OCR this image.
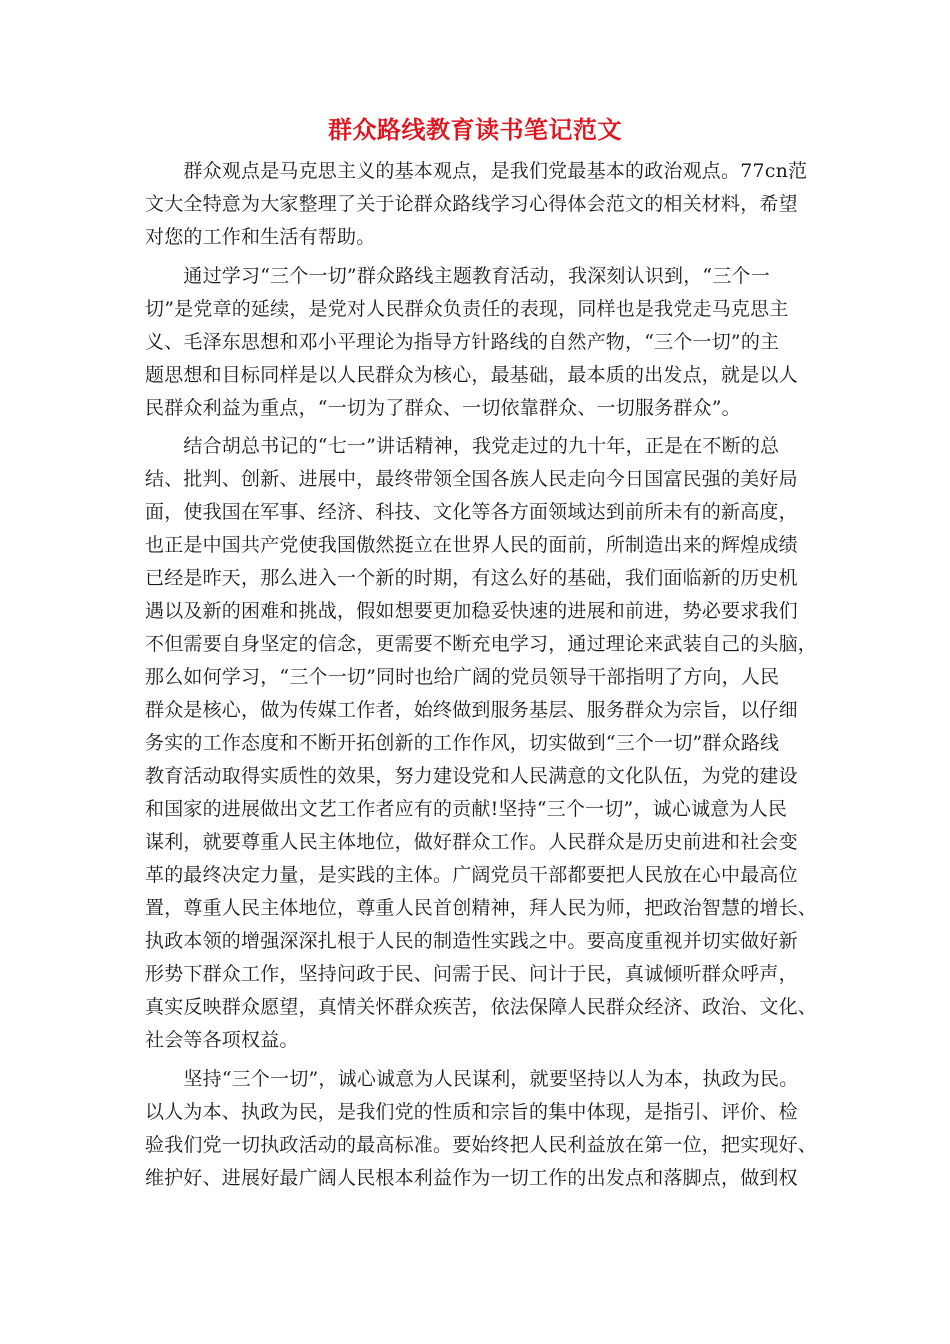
群众路线教育读书笔记范文
　　群众观点是马克思主义的基本观点，是我们党最基本的政治观点。77cn范
文大全特意为大家整理了关于论群众路线学习心得体会范文的相关材料，希望
对您的工作和生活有帮助。
　　通过学习“三个一切”群众路线主题教育活动，我深刻认识到，“三个一
切”是党章的延续，是党对人民群众负责任的表现，同样也是我党走马克思主
义、毛泽东思想和邓小平理论为指导方针路线的自然产物，“三个一切”的主
题思想和目标同样是以人民群众为核心，最基础，最本质的出发点，就是以人
民群众利益为重点，“一切为了群众、一切依靠群众、一切服务群众”。
　　结合胡总书记的“七一”讲话精神，我党走过的九十年，正是在不断的总
结、批判、创新、进展中，最终带领全国各族人民走向今日国富民强的美好局
面，使我国在军事、经济、科技、文化等各方面领域达到前所未有的新高度，
也正是中国共产党使我国傲然挺立在世界人民的面前，所制造出来的辉煌成绩
已经是昨天，那么进入一个新的时期，有这么好的基础，我们面临新的历史机
遇以及新的困难和挑战，假如想要更加稳妥快速的进展和前进，势必要求我们
不但需要自身坚定的信念，更需要不断充电学习，通过理论来武装自己的头脑，
那么如何学习，“三个一切”同时也给广阔的党员领导干部指明了方向，人民
群众是核心，做为传媒工作者，始终做到服务基层、服务群众为宗旨，以仔细
务实的工作态度和不断开拓创新的工作作风，切实做到“三个一切”群众路线
教育活动取得实质性的效果，努力建设党和人民满意的文化队伍，为党的建设
和国家的进展做出文艺工作者应有的贡献!坚持“三个一切”，诚心诚意为人民
谋利，就要尊重人民主体地位，做好群众工作。人民群众是历史前进和社会变
革的最终决定力量，是实践的主体。广阔党员干部都要把人民放在心中最高位
置，尊重人民主体地位，尊重人民首创精神，拜人民为师，把政治智慧的增长、
执政本领的增强深深扎根于人民的制造性实践之中。要高度重视并切实做好新
形势下群众工作，坚持问政于民、问需于民、问计于民，真诚倾听群众呼声，
真实反映群众愿望，真情关怀群众疾苦，依法保障人民群众经济、政治、文化、
社会等各项权益。
　　坚持“三个一切”，诚心诚意为人民谋利，就要坚持以人为本，执政为民。
以人为本、执政为民，是我们党的性质和宗旨的集中体现，是指引、评价、检
验我们党一切执政活动的最高标准。要始终把人民利益放在第一位，把实现好、
维护好、进展好最广阔人民根本利益作为一切工作的出发点和落脚点，做到权
